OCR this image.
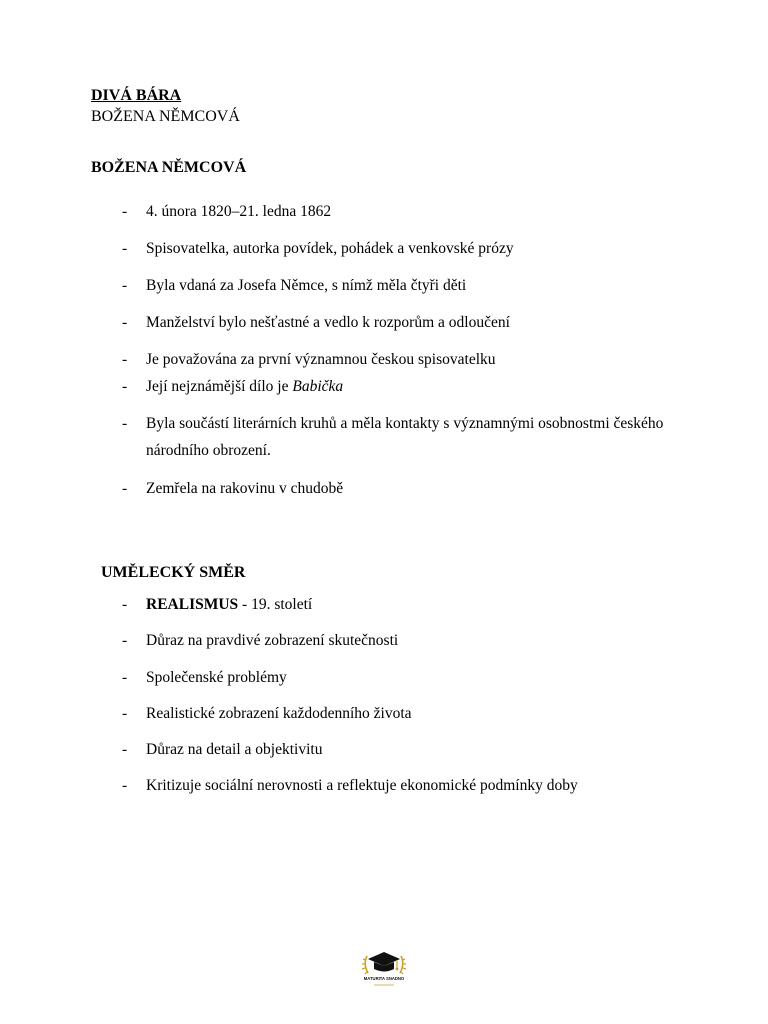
DIVÁ BÁRA
BOŽENA NĚMCOVÁ
BOŽENA NĚMCOVÁ
- 4. února 1820–21. ledna 1862
- Spisovatelka, autorka povídek, pohádek a venkovské prózy
- Byla vdaná za Josefa Němce, s nímž měla čtyři děti
- Manželství bylo nešťastné a vedlo k rozporům a odloučení
- Je považována za první významnou českou spisovatelku
- Její nejznámější dílo je Babička
- Byla součástí literárních kruhů a měla kontakty s významnými osobnostmi českého národního obrození.
- Zemřela na rakovinu v chudobě
UMĚLECKÝ SMĚR
- REALISMUS - 19. století
- Důraz na pravdivé zobrazení skutečnosti
- Společenské problémy
- Realistické zobrazení každodenního života
- Důraz na detail a objektivitu
- Kritizuje sociální nerovnosti a reflektuje ekonomické podmínky doby
MATURITA SNADNO
